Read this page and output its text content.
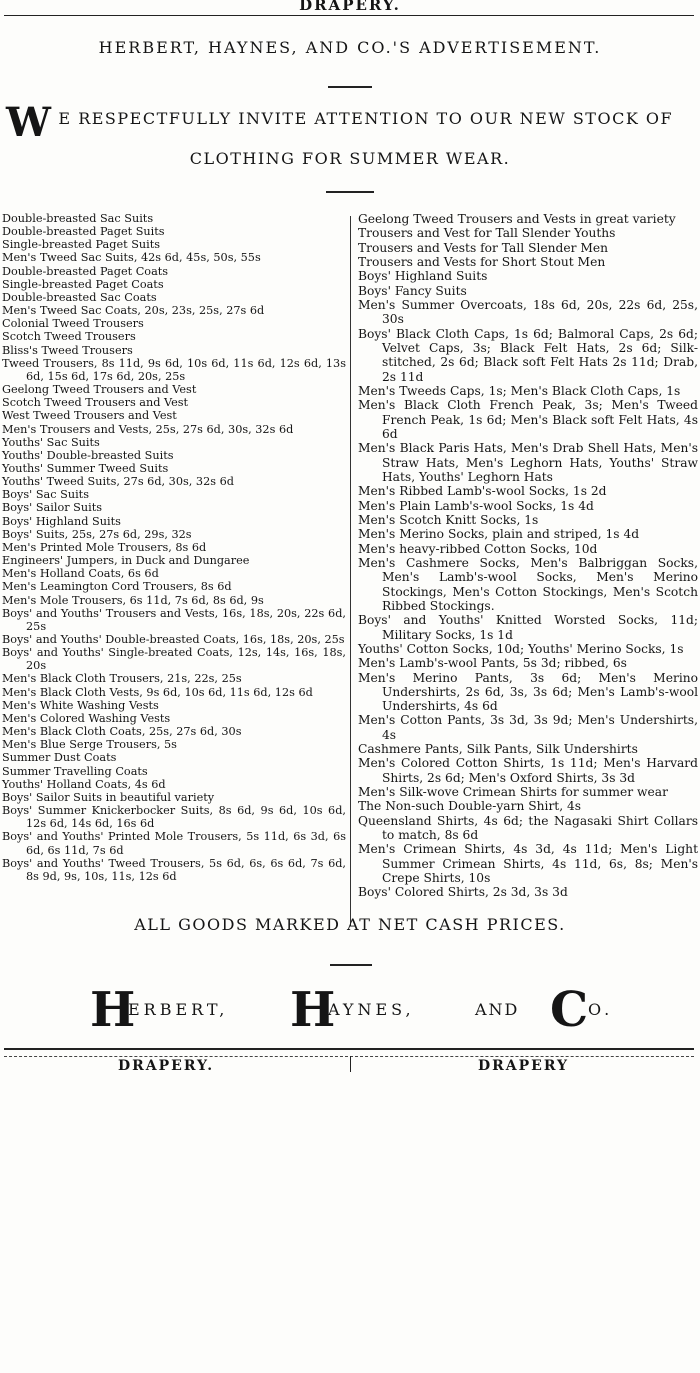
DRAPERY.
HERBERT, HAYNES, AND CO.'S ADVERTISEMENT.
W E RESPECTFULLY INVITE ATTENTION TO OUR NEW STOCK OF
CLOTHING FOR SUMMER WEAR.
Double-breasted Sac Suits
Double-breasted Paget Suits
Single-breasted Paget Suits
Men's Tweed Sac Suits, 42s 6d, 45s, 50s, 55s
Double-breasted Paget Coats
Single-breasted Paget Coats
Double-breasted Sac Coats
Men's Tweed Sac Coats, 20s, 23s, 25s, 27s 6d
Colonial Tweed Trousers
Scotch Tweed Trousers
Bliss's Tweed Trousers
Tweed Trousers, 8s 11d, 9s 6d, 10s 6d, 11s 6d, 12s 6d, 13s 6d, 15s 6d, 17s 6d, 20s, 25s
Geelong Tweed Trousers and Vest
Scotch Tweed Trousers and Vest
West Tweed Trousers and Vest
Men's Trousers and Vests, 25s, 27s 6d, 30s, 32s 6d
Youths' Sac Suits
Youths' Double-breasted Suits
Youths' Summer Tweed Suits
Youths' Tweed Suits, 27s 6d, 30s, 32s 6d
Boys' Sac Suits
Boys' Sailor Suits
Boys' Highland Suits
Boys' Suits, 25s, 27s 6d, 29s, 32s
Men's Printed Mole Trousers, 8s 6d
Engineers' Jumpers, in Duck and Dungaree
Men's Holland Coats, 6s 6d
Men's Leamington Cord Trousers, 8s 6d
Men's Mole Trousers, 6s 11d, 7s 6d, 8s 6d, 9s
Boys' and Youths' Trousers and Vests, 16s, 18s, 20s, 22s 6d, 25s
Boys' and Youths' Double-breasted Coats, 16s, 18s, 20s, 25s
Boys' and Youths' Single-breated Coats, 12s, 14s, 16s, 18s, 20s
Men's Black Cloth Trousers, 21s, 22s, 25s
Men's Black Cloth Vests, 9s 6d, 10s 6d, 11s 6d, 12s 6d
Men's White Washing Vests
Men's Colored Washing Vests
Men's Black Cloth Coats, 25s, 27s 6d, 30s
Men's Blue Serge Trousers, 5s
Summer Dust Coats
Summer Travelling Coats
Youths' Holland Coats, 4s 6d
Boys' Sailor Suits in beautiful variety
Boys' Summer Knickerbocker Suits, 8s 6d, 9s 6d, 10s 6d, 12s 6d, 14s 6d, 16s 6d
Boys' and Youths' Printed Mole Trousers, 5s 11d, 6s 3d, 6s 6d, 6s 11d, 7s 6d
Boys' and Youths' Tweed Trousers, 5s 6d, 6s, 6s 6d, 7s 6d, 8s 9d, 9s, 10s, 11s, 12s 6d
Geelong Tweed Trousers and Vests in great variety
Trousers and Vest for Tall Slender Youths
Trousers and Vests for Tall Slender Men
Trousers and Vests for Short Stout Men
Boys' Highland Suits
Boys' Fancy Suits
Men's Summer Overcoats, 18s 6d, 20s, 22s 6d, 25s, 30s
Boys' Black Cloth Caps, 1s 6d; Balmoral Caps, 2s 6d; Velvet Caps, 3s; Black Felt Hats, 2s 6d; Silk-stitched, 2s 6d; Black soft Felt Hats 2s 11d; Drab, 2s 11d
Men's Tweeds Caps, 1s; Men's Black Cloth Caps, 1s
Men's Black Cloth French Peak, 3s; Men's Tweed French Peak, 1s 6d; Men's Black soft Felt Hats, 4s 6d
Men's Black Paris Hats, Men's Drab Shell Hats, Men's Straw Hats, Men's Leghorn Hats, Youths' Straw Hats, Youths' Leghorn Hats
Men's Ribbed Lamb's-wool Socks, 1s 2d
Men's Plain Lamb's-wool Socks, 1s 4d
Men's Scotch Knitt Socks, 1s
Men's Merino Socks, plain and striped, 1s 4d
Men's heavy-ribbed Cotton Socks, 10d
Men's Cashmere Socks, Men's Balbriggan Socks, Men's Lamb's-wool Socks, Men's Merino Stockings, Men's Cotton Stockings, Men's Scotch Ribbed Stockings.
Boys' and Youths' Knitted Worsted Socks, 11d; Military Socks, 1s 1d
Youths' Cotton Socks, 10d; Youths' Merino Socks, 1s
Men's Lamb's-wool Pants, 5s 3d; ribbed, 6s
Men's Merino Pants, 3s 6d; Men's Merino Undershirts, 2s 6d, 3s, 3s 6d; Men's Lamb's-wool Undershirts, 4s 6d
Men's Cotton Pants, 3s 3d, 3s 9d; Men's Undershirts, 4s
Cashmere Pants, Silk Pants, Silk Undershirts
Men's Colored Cotton Shirts, 1s 11d; Men's Harvard Shirts, 2s 6d; Men's Oxford Shirts, 3s 3d
Men's Silk-wove Crimean Shirts for summer wear
The Non-such Double-yarn Shirt, 4s
Queensland Shirts, 4s 6d; the Nagasaki Shirt Collars to match, 8s 6d
Men's Crimean Shirts, 4s 3d, 4s 11d; Men's Light Summer Crimean Shirts, 4s 11d, 6s, 8s; Men's Crepe Shirts, 10s
Boys' Colored Shirts, 2s 3d, 3s 3d
ALL GOODS MARKED AT NET CASH PRICES.
H
ERBERT, H
AYNES,	AND C
O.
DRAPERY.	DRAPERY
